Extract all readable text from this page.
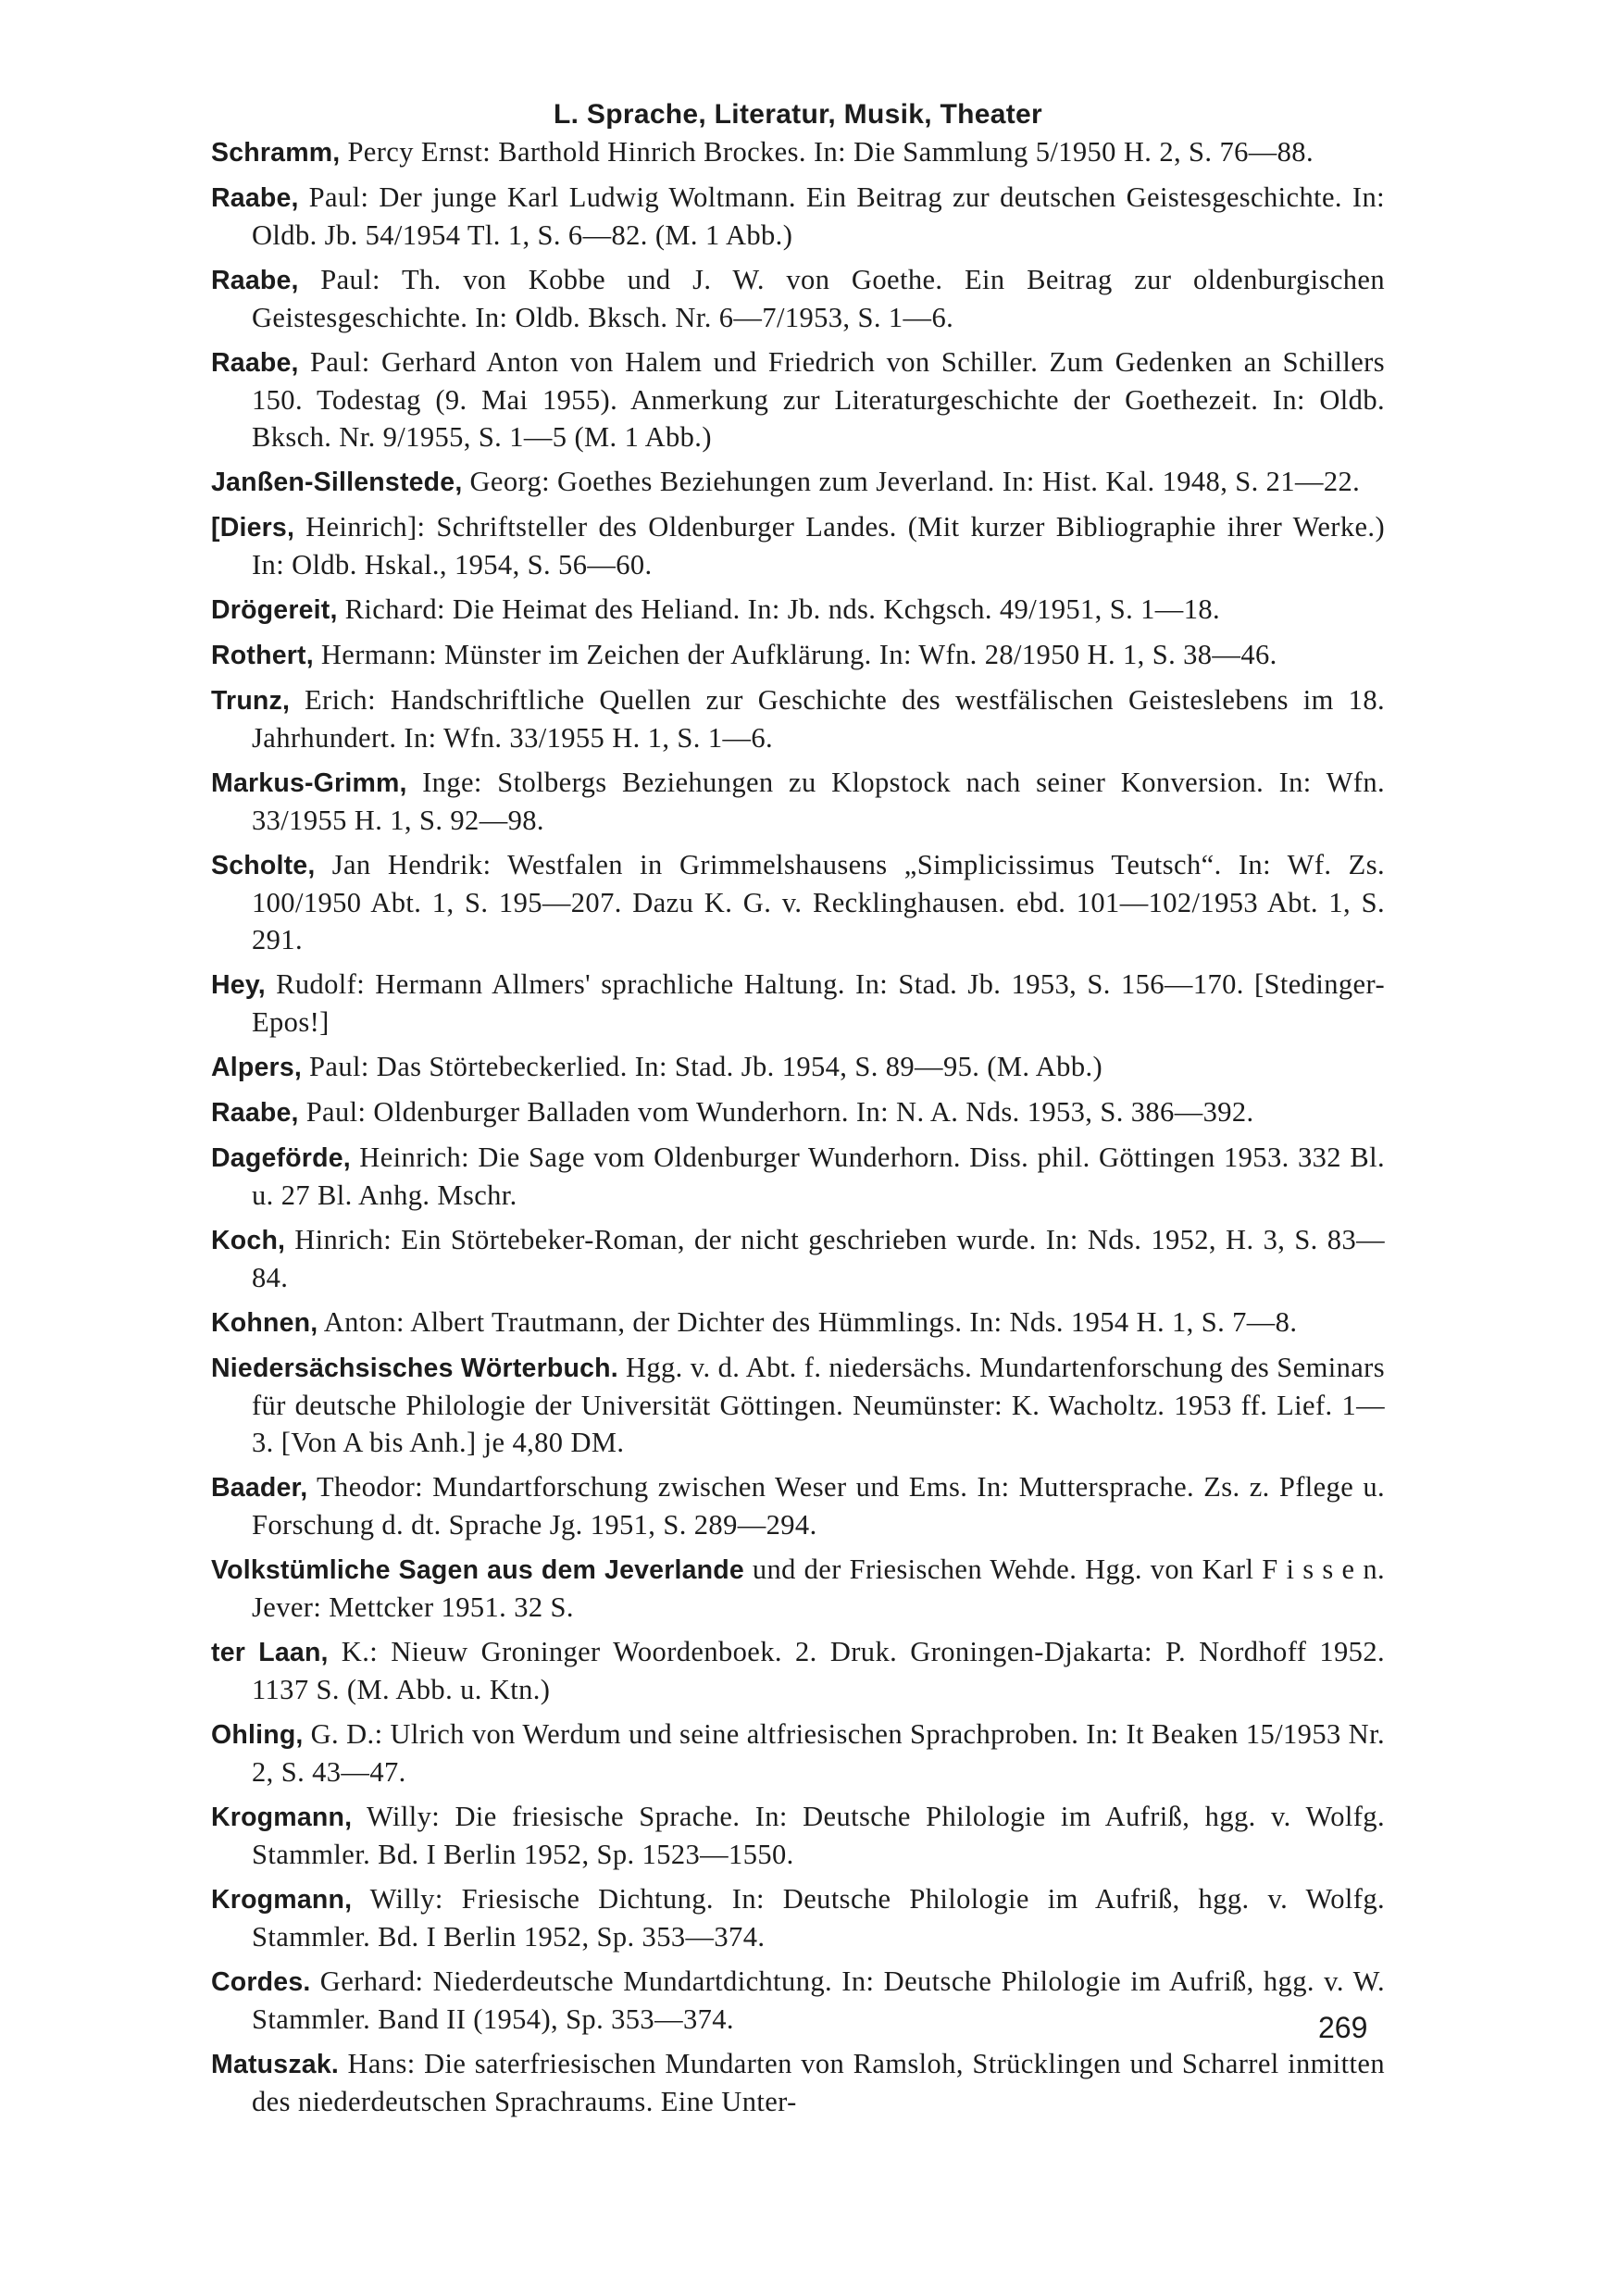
L. Sprache, Literatur, Musik, Theater
Schramm, Percy Ernst: Barthold Hinrich Brockes. In: Die Sammlung 5/1950 H. 2, S. 76—88.
Raabe, Paul: Der junge Karl Ludwig Woltmann. Ein Beitrag zur deutschen Geistesgeschichte. In: Oldb. Jb. 54/1954 Tl. 1, S. 6—82. (M. 1 Abb.)
Raabe, Paul: Th. von Kobbe und J. W. von Goethe. Ein Beitrag zur oldenburgischen Geistesgeschichte. In: Oldb. Bksch. Nr. 6—7/1953, S. 1—6.
Raabe, Paul: Gerhard Anton von Halem und Friedrich von Schiller. Zum Gedenken an Schillers 150. Todestag (9. Mai 1955). Anmerkung zur Literaturgeschichte der Goethezeit. In: Oldb. Bksch. Nr. 9/1955, S. 1—5 (M. 1 Abb.)
Janßen-Sillenstede, Georg: Goethes Beziehungen zum Jeverland. In: Hist. Kal. 1948, S. 21—22.
[Diers, Heinrich]: Schriftsteller des Oldenburger Landes. (Mit kurzer Bibliographie ihrer Werke.) In: Oldb. Hskal., 1954, S. 56—60.
Drögereit, Richard: Die Heimat des Heliand. In: Jb. nds. Kchgsch. 49/1951, S. 1—18.
Rothert, Hermann: Münster im Zeichen der Aufklärung. In: Wfn. 28/1950 H. 1, S. 38—46.
Trunz, Erich: Handschriftliche Quellen zur Geschichte des westfälischen Geisteslebens im 18. Jahrhundert. In: Wfn. 33/1955 H. 1, S. 1—6.
Markus-Grimm, Inge: Stolbergs Beziehungen zu Klopstock nach seiner Konversion. In: Wfn. 33/1955 H. 1, S. 92—98.
Scholte, Jan Hendrik: Westfalen in Grimmelshausens „Simplicissimus Teutsch“. In: Wf. Zs. 100/1950 Abt. 1, S. 195—207. Dazu K. G. v. Recklinghausen. ebd. 101—102/1953 Abt. 1, S. 291.
Hey, Rudolf: Hermann Allmers' sprachliche Haltung. In: Stad. Jb. 1953, S. 156—170. [Stedinger-Epos!]
Alpers, Paul: Das Störtebeckerlied. In: Stad. Jb. 1954, S. 89—95. (M. Abb.)
Raabe, Paul: Oldenburger Balladen vom Wunderhorn. In: N. A. Nds. 1953, S. 386—392.
Dageförde, Heinrich: Die Sage vom Oldenburger Wunderhorn. Diss. phil. Göttingen 1953. 332 Bl. u. 27 Bl. Anhg. Mschr.
Koch, Hinrich: Ein Störtebeker-Roman, der nicht geschrieben wurde. In: Nds. 1952, H. 3, S. 83—84.
Kohnen, Anton: Albert Trautmann, der Dichter des Hümmlings. In: Nds. 1954 H. 1, S. 7—8.
Niedersächsisches Wörterbuch. Hgg. v. d. Abt. f. niedersächs. Mundartenforschung des Seminars für deutsche Philologie der Universität Göttingen. Neumünster: K. Wacholtz. 1953 ff. Lief. 1—3. [Von A bis Anh.] je 4,80 DM.
Baader, Theodor: Mundartforschung zwischen Weser und Ems. In: Muttersprache. Zs. z. Pflege u. Forschung d. dt. Sprache Jg. 1951, S. 289—294.
Volkstümliche Sagen aus dem Jeverlande und der Friesischen Wehde. Hgg. von Karl F i s s e n. Jever: Mettcker 1951. 32 S.
ter Laan, K.: Nieuw Groninger Woordenboek. 2. Druk. Groningen-Djakarta: P. Nordhoff 1952. 1137 S. (M. Abb. u. Ktn.)
Ohling, G. D.: Ulrich von Werdum und seine altfriesischen Sprachproben. In: It Beaken 15/1953 Nr. 2, S. 43—47.
Krogmann, Willy: Die friesische Sprache. In: Deutsche Philologie im Aufriß, hgg. v. Wolfg. Stammler. Bd. I Berlin 1952, Sp. 1523—1550.
Krogmann, Willy: Friesische Dichtung. In: Deutsche Philologie im Aufriß, hgg. v. Wolfg. Stammler. Bd. I Berlin 1952, Sp. 353—374.
Cordes. Gerhard: Niederdeutsche Mundartdichtung. In: Deutsche Philologie im Aufriß, hgg. v. W. Stammler. Band II (1954), Sp. 353—374.
Matuszak. Hans: Die saterfriesischen Mundarten von Ramsloh, Strücklingen und Scharrel inmitten des niederdeutschen Sprachraums. Eine Unter-
269
